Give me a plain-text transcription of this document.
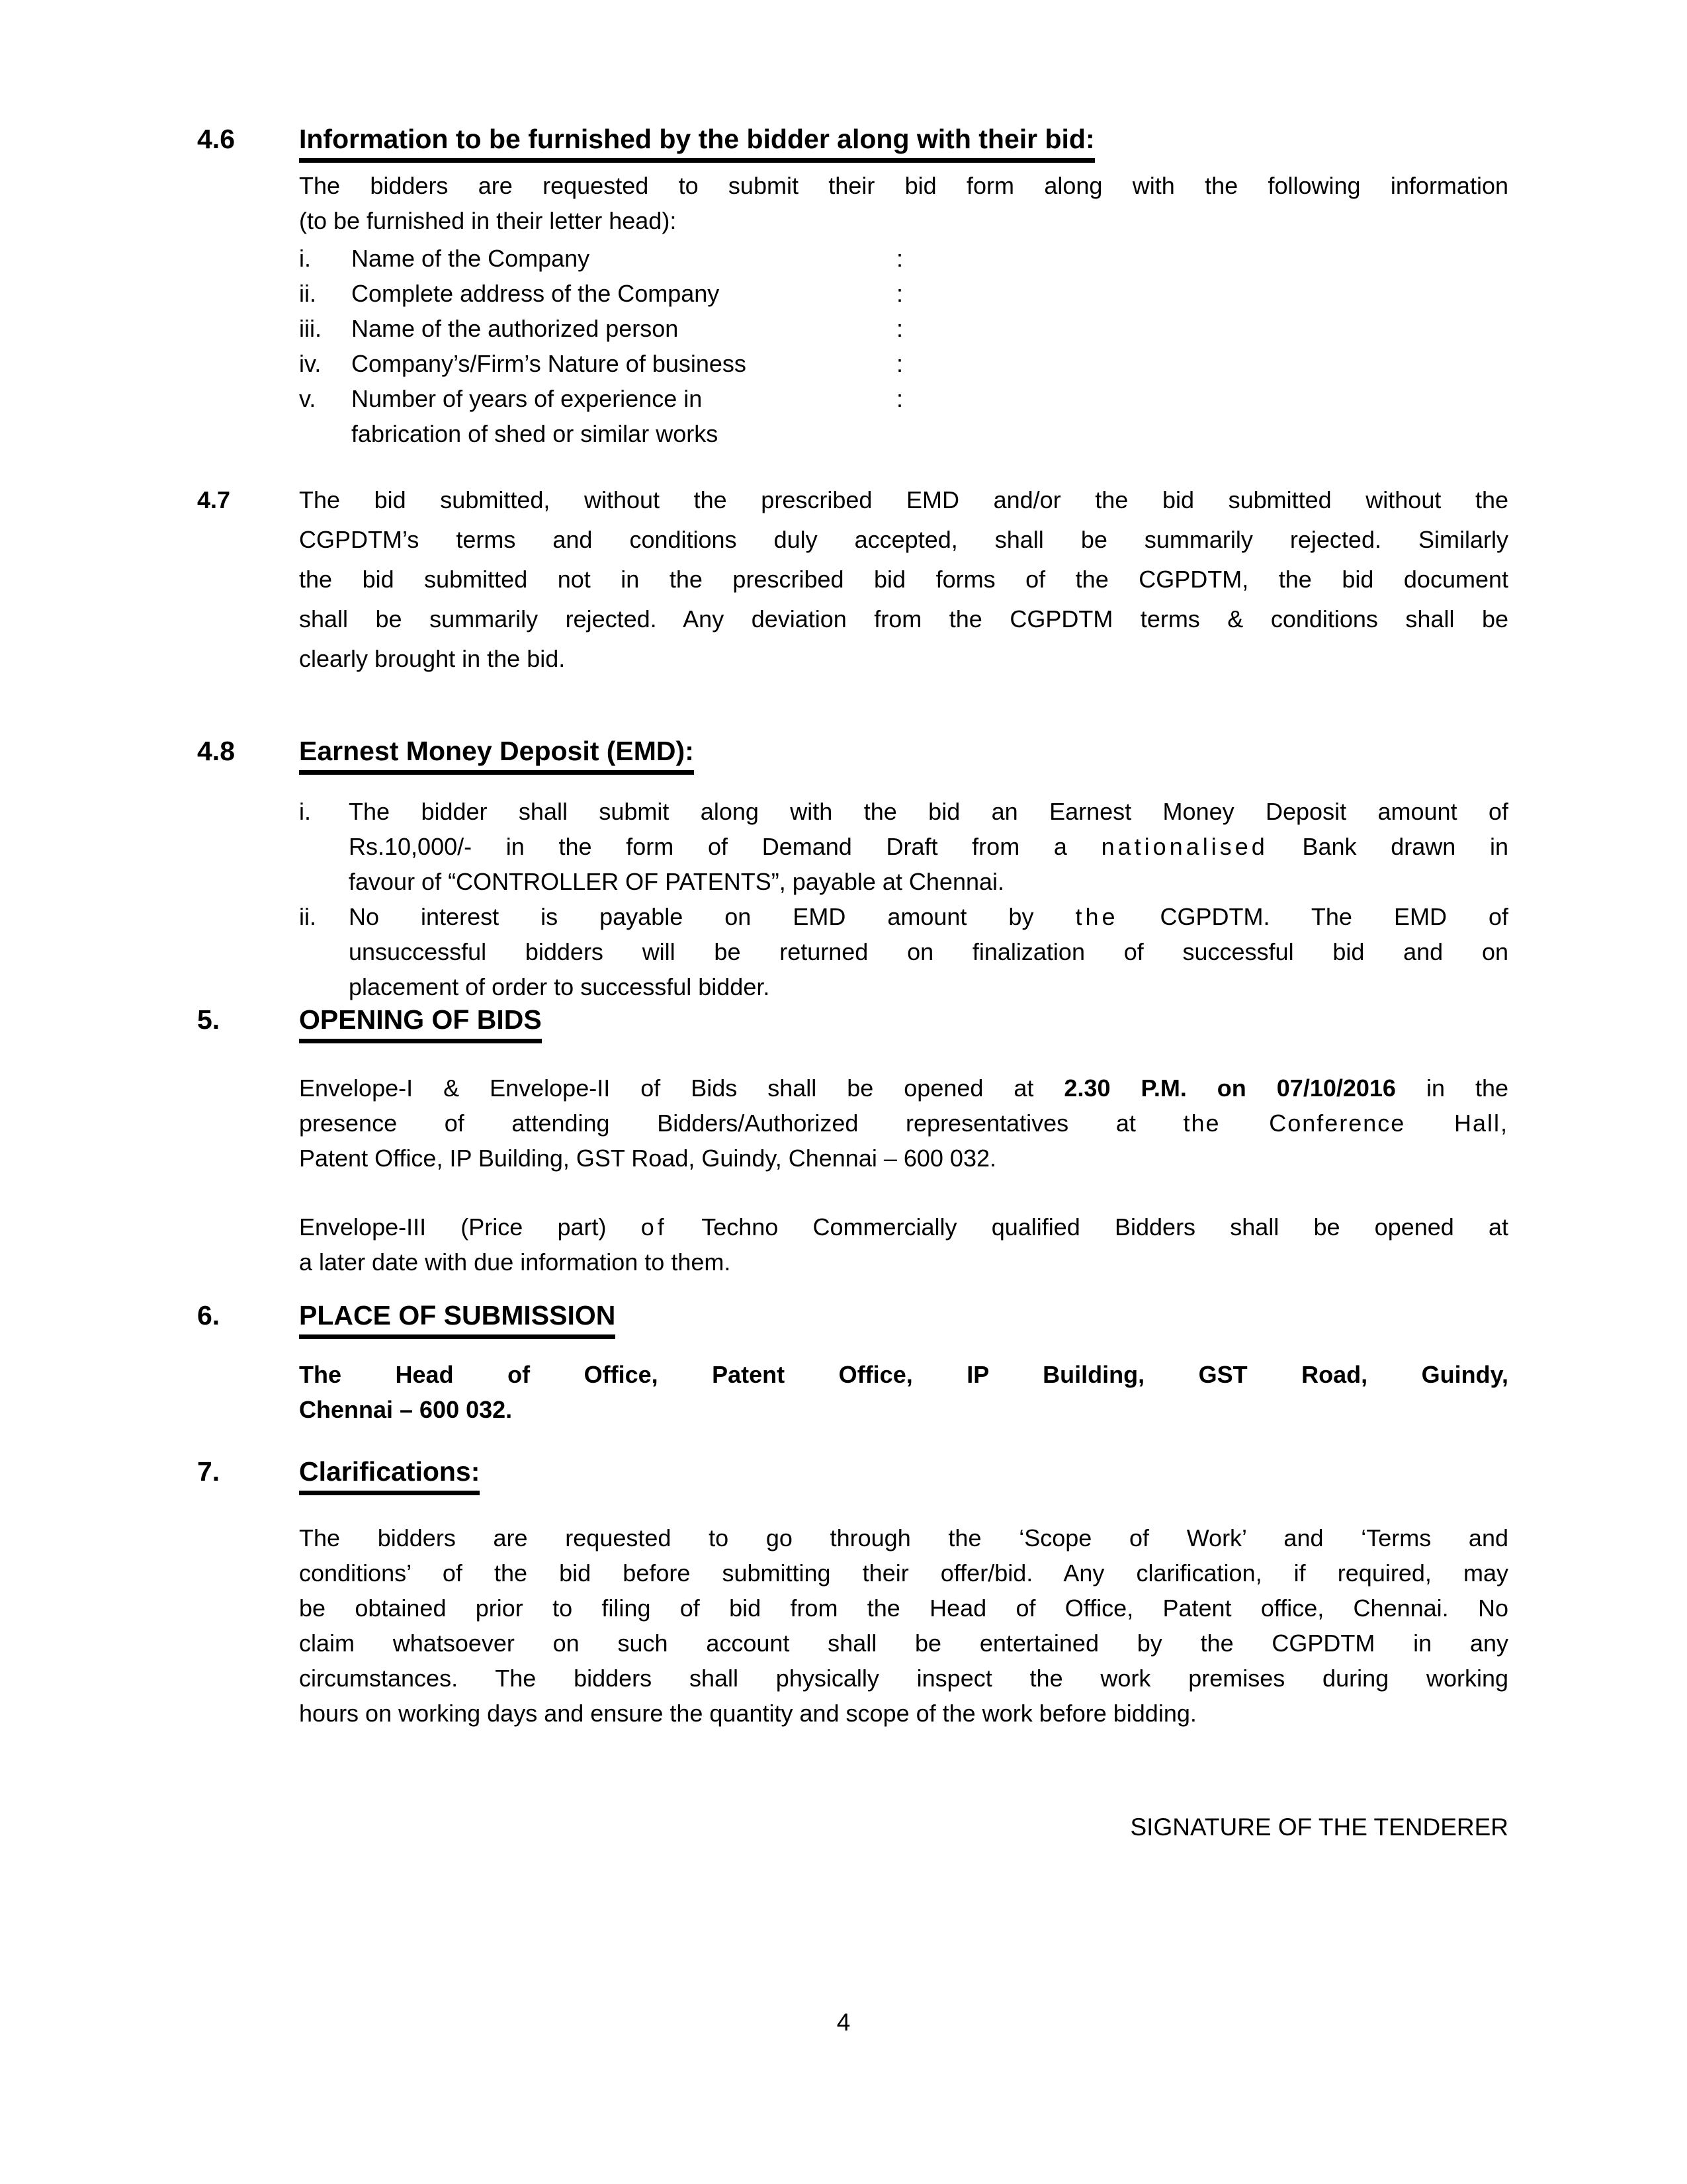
4.6	Information to be furnished by the bidder along with their bid:
The bidders are requested to submit their bid form along with the following information
(to be furnished in their letter head):
i.	Name of the Company	:
ii.	Complete address of the Company	:
iii.	Name of the authorized person	:
iv.	Company’s/Firm’s Nature of business	:
v.	Number of years of experience in	:
fabrication of shed or similar works
4.7	The bid submitted, without the prescribed EMD and/or the bid submitted without the
CGPDTM’s terms and conditions duly accepted, shall be summarily rejected. Similarly
the bid submitted not in the prescribed bid forms of the CGPDTM, the bid document
shall be summarily rejected. Any deviation from the CGPDTM terms & conditions shall be
clearly brought in the bid.
4.8	Earnest Money Deposit (EMD):
i.	The bidder shall submit along with the bid an Earnest Money Deposit amount of
Rs.10,000/- in the form of Demand Draft from a nationalised Bank drawn in
favour of “CONTROLLER OF PATENTS”, payable at Chennai.
ii.	No interest is payable on EMD amount by the CGPDTM. The EMD of
unsuccessful bidders will be returned on finalization of successful bid and on
placement of order to successful bidder.
5.	OPENING OF BIDS
Envelope-I & Envelope-II of Bids shall be opened at 2.30 P.M. on 07/10/2016 in the
presence of attending Bidders/Authorized representatives at the Conference Hall,
Patent Office, IP Building, GST Road, Guindy, Chennai – 600 032.
Envelope-III (Price part) of Techno Commercially qualified Bidders shall be opened at
a later date with due information to them.
6.	PLACE OF SUBMISSION
The Head of Office, Patent Office, IP Building, GST Road, Guindy,
Chennai – 600 032.
7.	Clarifications:
The bidders are requested to go through the ‘Scope of Work’ and ‘Terms and
conditions’ of the bid before submitting their offer/bid. Any clarification, if required, may
be obtained prior to filing of bid from the Head of Office, Patent office, Chennai. No
claim whatsoever on such account shall be entertained by the CGPDTM in any
circumstances. The bidders shall physically inspect the work premises during working
hours on working days and ensure the quantity and scope of the work before bidding.
SIGNATURE OF THE TENDERER
4
